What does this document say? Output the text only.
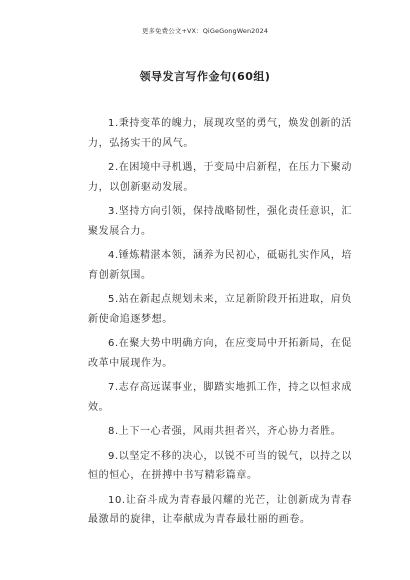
更多免费公文+VX：QiGeGongWen2024
领导发言写作金句(60组)

1.秉持变革的魄力，展现攻坚的勇气，焕发创新的活力，弘扬实干的风气。

2.在困境中寻机遇，于变局中启新程，在压力下聚动力，以创新驱动发展。

3.坚持方向引领，保持战略韧性，强化责任意识，汇聚发展合力。

4.锤炼精湛本领，涵养为民初心，砥砺扎实作风，培育创新氛围。

5.站在新起点规划未来，立足新阶段开拓进取，肩负新使命追逐梦想。

6.在聚大势中明确方向，在应变局中开拓新局，在促改革中展现作为。

7.志存高远谋事业，脚踏实地抓工作，持之以恒求成效。

8.上下一心者强，风雨共担者兴，齐心协力者胜。

9.以坚定不移的决心，以锐不可当的锐气，以持之以恒的恒心，在拼搏中书写精彩篇章。

10.让奋斗成为青春最闪耀的光芒，让创新成为青春最激昂的旋律，让奉献成为青春最壮丽的画卷。
